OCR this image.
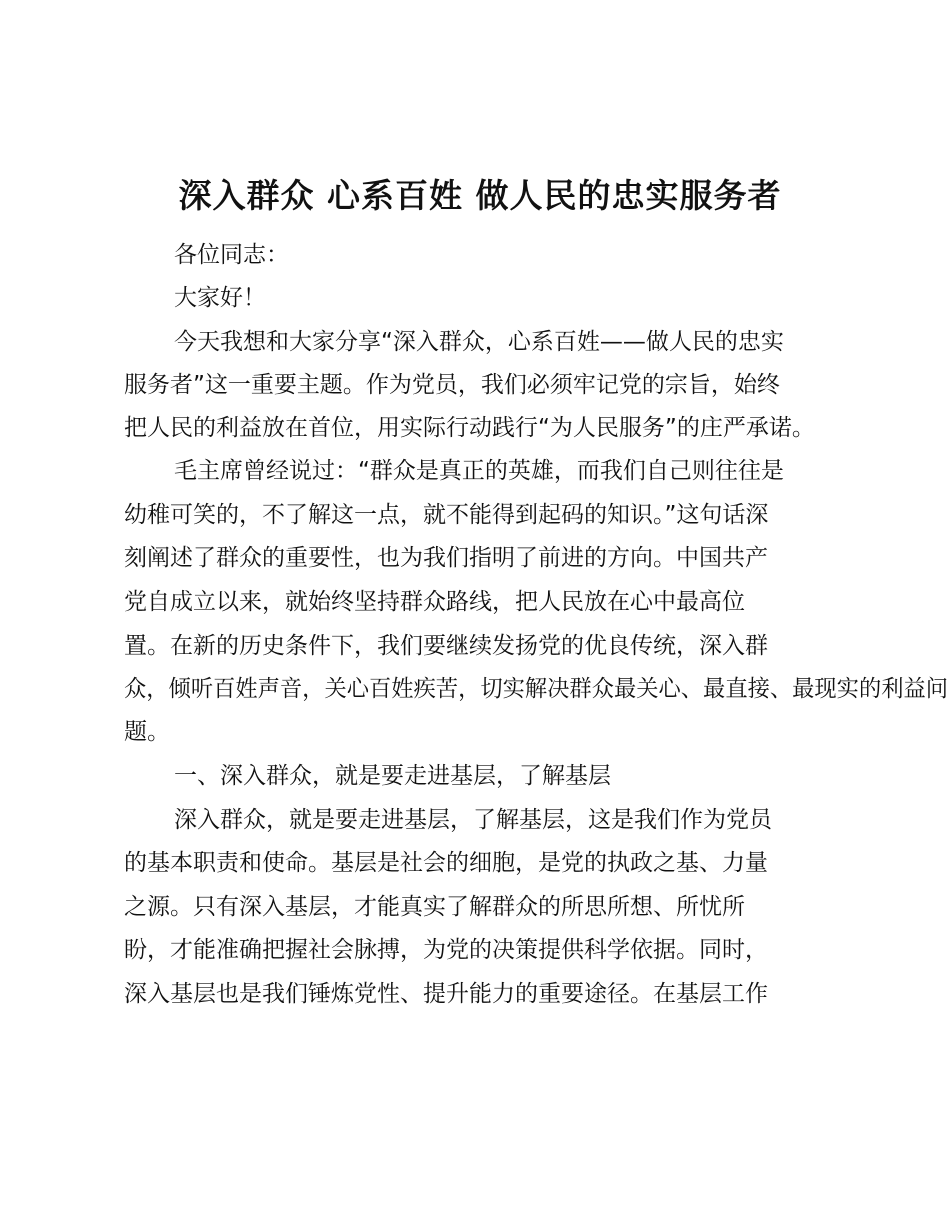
深入群众 心系百姓 做人民的忠实服务者
各位同志：
大家好！
今天我想和大家分享“深入群众，心系百姓——做人民的忠实
服务者”这一重要主题。作为党员，我们必须牢记党的宗旨，始终
把人民的利益放在首位，用实际行动践行“为人民服务”的庄严承诺。
毛主席曾经说过：“群众是真正的英雄，而我们自己则往往是
幼稚可笑的，不了解这一点，就不能得到起码的知识。”这句话深
刻阐述了群众的重要性，也为我们指明了前进的方向。中国共产
党自成立以来，就始终坚持群众路线，把人民放在心中最高位
置。在新的历史条件下，我们要继续发扬党的优良传统，深入群
众，倾听百姓声音，关心百姓疾苦，切实解决群众最关心、最直接、最现实的利益问
题。
一、深入群众，就是要走进基层，了解基层
深入群众，就是要走进基层，了解基层，这是我们作为党员
的基本职责和使命。基层是社会的细胞，是党的执政之基、力量
之源。只有深入基层，才能真实了解群众的所思所想、所忧所
盼，才能准确把握社会脉搏，为党的决策提供科学依据。同时，
深入基层也是我们锤炼党性、提升能力的重要途径。在基层工作
